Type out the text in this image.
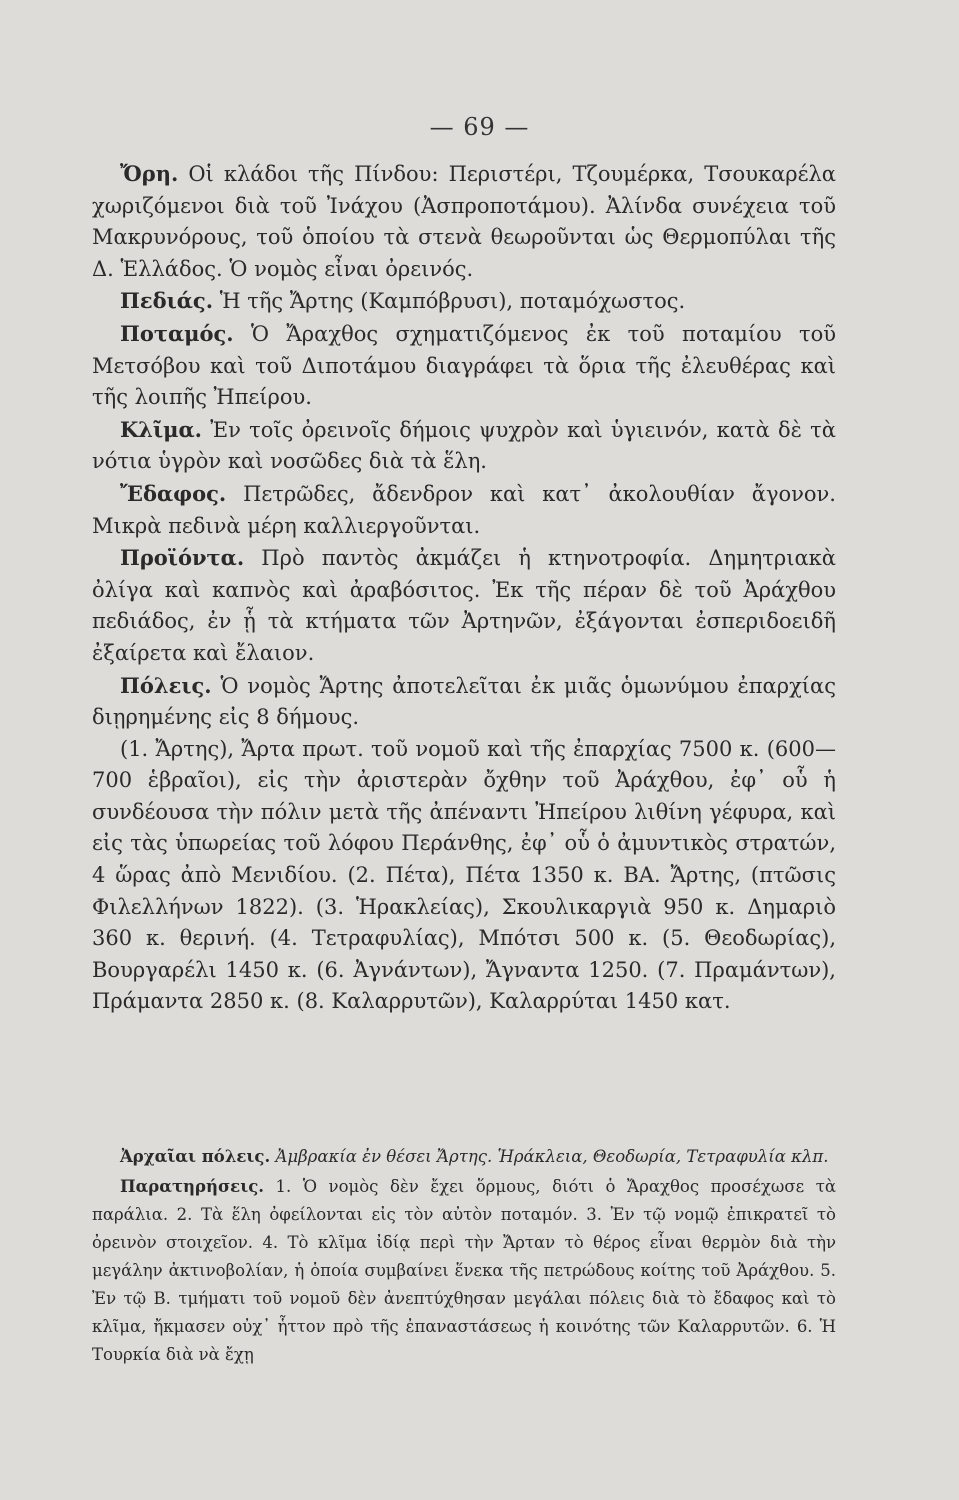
— 69 —

Ὄρη. Οἱ κλάδοι τῆς Πίνδου: Περιστέρι, Τζουμέρκα, Τσουκαρέλα χωριζόμενοι διὰ τοῦ Ἰνάχου (Ἀσπροποτάμου). Ἀλίνδα συνέχεια τοῦ Μακρυνόρους, τοῦ ὁποίου τὰ στενὰ θεωροῦνται ὡς Θερμοπύλαι τῆς Δ. Ἑλλάδος. Ὁ νομὸς εἶναι ὀρεινός.

Πεδιάς. Ἡ τῆς Ἄρτης (Καμπόβρυσι), ποταμόχωστος.

Ποταμός. Ὁ Ἄραχθος σχηματιζόμενος ἐκ τοῦ ποταμίου τοῦ Μετσόβου καὶ τοῦ Διποτάμου διαγράφει τὰ ὅρια τῆς ἐλευθέρας καὶ τῆς λοιπῆς Ἠπείρου.

Κλῖμα. Ἐν τοῖς ὀρεινοῖς δήμοις ψυχρὸν καὶ ὑγιεινόν, κατὰ δὲ τὰ νότια ὑγρὸν καὶ νοσῶδες διὰ τὰ ἕλη.

Ἔδαφος. Πετρῶδες, ἄδενδρον καὶ κατ᾽ ἀκολουθίαν ἄγονον. Μικρὰ πεδινὰ μέρη καλλιεργοῦνται.

Προϊόντα. Πρὸ παντὸς ἀκμάζει ἡ κτηνοτροφία. Δημητριακὰ ὀλίγα καὶ καπνὸς καὶ ἀραβόσιτος. Ἐκ τῆς πέραν δὲ τοῦ Ἀράχθου πεδιάδος, ἐν ᾗ τὰ κτήματα τῶν Ἀρτηνῶν, ἐξάγονται ἐσπεριδοειδῆ ἐξαίρετα καὶ ἔλαιον.

Πόλεις. Ὁ νομὸς Ἄρτης ἀποτελεῖται ἐκ μιᾶς ὁμωνύμου ἐπαρχίας διῃρημένης εἰς 8 δήμους.

(1. Ἄρτης), Ἄρτα πρωτ. τοῦ νομοῦ καὶ τῆς ἐπαρχίας 7500 κ. (600—700 ἑβραῖοι), εἰς τὴν ἀριστερὰν ὄχθην τοῦ Ἀράχθου, ἐφ᾽ οὗ ἡ συνδέουσα τὴν πόλιν μετὰ τῆς ἀπέναντι Ἠπείρου λιθίνη γέφυρα, καὶ εἰς τὰς ὑπωρείας τοῦ λόφου Περάνθης, ἐφ᾽ οὗ ὁ ἀμυντικὸς στρατών, 4 ὥρας ἀπὸ Μενιδίου. (2. Πέτα), Πέτα 1350 κ. ΒΑ. Ἄρτης, (πτῶσις Φιλελλήνων 1822). (3. Ἡρακλείας), Σκουλικαργιὰ 950 κ. Δημαριὸ 360 κ. θερινή. (4. Τετραφυλίας), Μπότσι 500 κ. (5. Θεοδωρίας), Βουργαρέλι 1450 κ. (6. Ἀγνάντων), Ἄγναντα 1250. (7. Πραμάντων), Πράμαντα 2850 κ. (8. Καλαρρυτῶν), Καλαρρύται 1450 κατ.

Ἀρχαῖαι πόλεις. Ἀμβρακία ἐν θέσει Ἄρτης. Ἡράκλεια, Θεοδωρία, Τετραφυλία κλπ.

Παρατηρήσεις. 1. Ὁ νομὸς δὲν ἔχει ὅρμους, διότι ὁ Ἄραχθος προσέχωσε τὰ παράλια. 2. Τὰ ἕλη ὀφείλονται εἰς τὸν αὐτὸν ποταμόν. 3. Ἐν τῷ νομῷ ἐπικρατεῖ τὸ ὀρεινὸν στοιχεῖον. 4. Τὸ κλῖμα ἰδίᾳ περὶ τὴν Ἄρταν τὸ θέρος εἶναι θερμὸν διὰ τὴν μεγάλην ἀκτινοβολίαν, ἡ ὁποία συμβαίνει ἕνεκα τῆς πετρώδους κοίτης τοῦ Ἀράχθου. 5. Ἐν τῷ Β. τμήματι τοῦ νομοῦ δὲν ἀνεπτύχθησαν μεγάλαι πόλεις διὰ τὸ ἔδαφος καὶ τὸ κλῖμα, ἤκμασεν οὐχ᾽ ἧττον πρὸ τῆς ἐπαναστάσεως ἡ κοινότης τῶν Καλαρρυτῶν. 6. Ἡ Τουρκία διὰ νὰ ἔχῃ
